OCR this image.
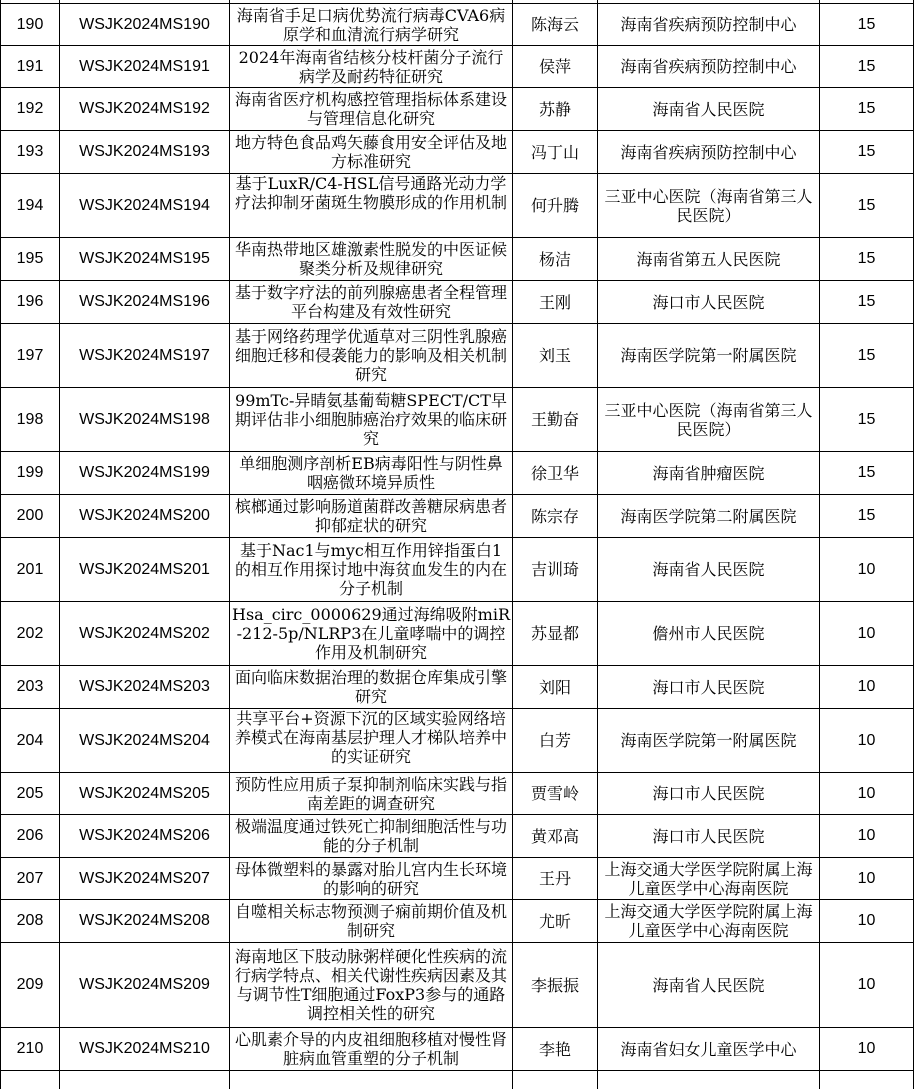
190	WSJK2024MS190	海南省手足口病优势流行病毒CVA6病原学和血清流行病学研究	陈海云	海南省疾病预防控制中心	15
191	WSJK2024MS191	2024年海南省结核分枝杆菌分子流行病学及耐药特征研究	侯萍	海南省疾病预防控制中心	15
192	WSJK2024MS192	海南省医疗机构感控管理指标体系建设与管理信息化研究	苏静	海南省人民医院	15
193	WSJK2024MS193	地方特色食品鸡矢藤食用安全评估及地方标准研究	冯丁山	海南省疾病预防控制中心	15
194	WSJK2024MS194	基于LuxR/C4-HSL信号通路光动力学疗法抑制牙菌斑生物膜形成的作用机制	何升腾	三亚中心医院（海南省第三人民医院）	15
195	WSJK2024MS195	华南热带地区雄激素性脱发的中医证候聚类分析及规律研究	杨洁	海南省第五人民医院	15
196	WSJK2024MS196	基于数字疗法的前列腺癌患者全程管理平台构建及有效性研究	王刚	海口市人民医院	15
197	WSJK2024MS197	基于网络药理学优遁草对三阴性乳腺癌细胞迁移和侵袭能力的影响及相关机制研究	刘玉	海南医学院第一附属医院	15
198	WSJK2024MS198	99mTc-异睛氨基葡萄糖SPECT/CT早期评估非小细胞肺癌治疗效果的临床研究	王勤奋	三亚中心医院（海南省第三人民医院）	15
199	WSJK2024MS199	单细胞测序剖析EB病毒阳性与阴性鼻咽癌微环境异质性	徐卫华	海南省肿瘤医院	15
200	WSJK2024MS200	槟榔通过影响肠道菌群改善糖尿病患者抑郁症状的研究	陈宗存	海南医学院第二附属医院	15
201	WSJK2024MS201	基于Nac1与myc相互作用锌指蛋白1的相互作用探讨地中海贫血发生的内在分子机制	吉训琦	海南省人民医院	10
202	WSJK2024MS202	Hsa_circ_0000629通过海绵吸附miR-212-5p/NLRP3在儿童哮喘中的调控作用及机制研究	苏显都	儋州市人民医院	10
203	WSJK2024MS203	面向临床数据治理的数据仓库集成引擎研究	刘阳	海口市人民医院	10
204	WSJK2024MS204	共享平台+资源下沉的区域实验网络培养模式在海南基层护理人才梯队培养中的实证研究	白芳	海南医学院第一附属医院	10
205	WSJK2024MS205	预防性应用质子泵抑制剂临床实践与指南差距的调查研究	贾雪岭	海口市人民医院	10
206	WSJK2024MS206	极端温度通过铁死亡抑制细胞活性与功能的分子机制	黄邓高	海口市人民医院	10
207	WSJK2024MS207	母体微塑料的暴露对胎儿宫内生长环境的影响的研究	王丹	上海交通大学医学院附属上海儿童医学中心海南医院	10
208	WSJK2024MS208	自噬相关标志物预测子痫前期价值及机制研究	尤昕	上海交通大学医学院附属上海儿童医学中心海南医院	10
209	WSJK2024MS209	海南地区下肢动脉粥样硬化性疾病的流行病学特点、相关代谢性疾病因素及其与调节性T细胞通过FoxP3参与的通路调控相关性的研究	李振振	海南省人民医院	10
210	WSJK2024MS210	心肌素介导的内皮祖细胞移植对慢性肾脏病血管重塑的分子机制	李艳	海南省妇女儿童医学中心	10
